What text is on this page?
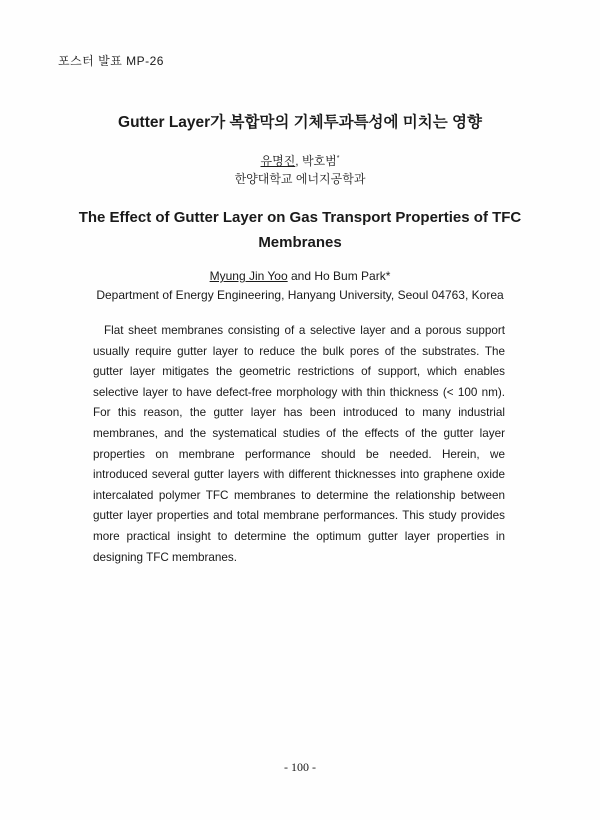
포스터 발표 MP-26
Gutter Layer가 복합막의 기체투과특성에 미치는 영향
유명진, 박호범*
한양대학교 에너지공학과
The Effect of Gutter Layer on Gas Transport Properties of TFC Membranes
Myung Jin Yoo and Ho Bum Park*
Department of Energy Engineering, Hanyang University, Seoul 04763, Korea

Flat sheet membranes consisting of a selective layer and a porous support usually require gutter layer to reduce the bulk pores of the substrates. The gutter layer mitigates the geometric restrictions of support, which enables selective layer to have defect-free morphology with thin thickness (< 100 nm). For this reason, the gutter layer has been introduced to many industrial membranes, and the systematical studies of the effects of the gutter layer properties on membrane performance should be needed. Herein, we introduced several gutter layers with different thicknesses into graphene oxide intercalated polymer TFC membranes to determine the relationship between gutter layer properties and total membrane performances. This study provides more practical insight to determine the optimum gutter layer properties in designing TFC membranes.

- 100 -
